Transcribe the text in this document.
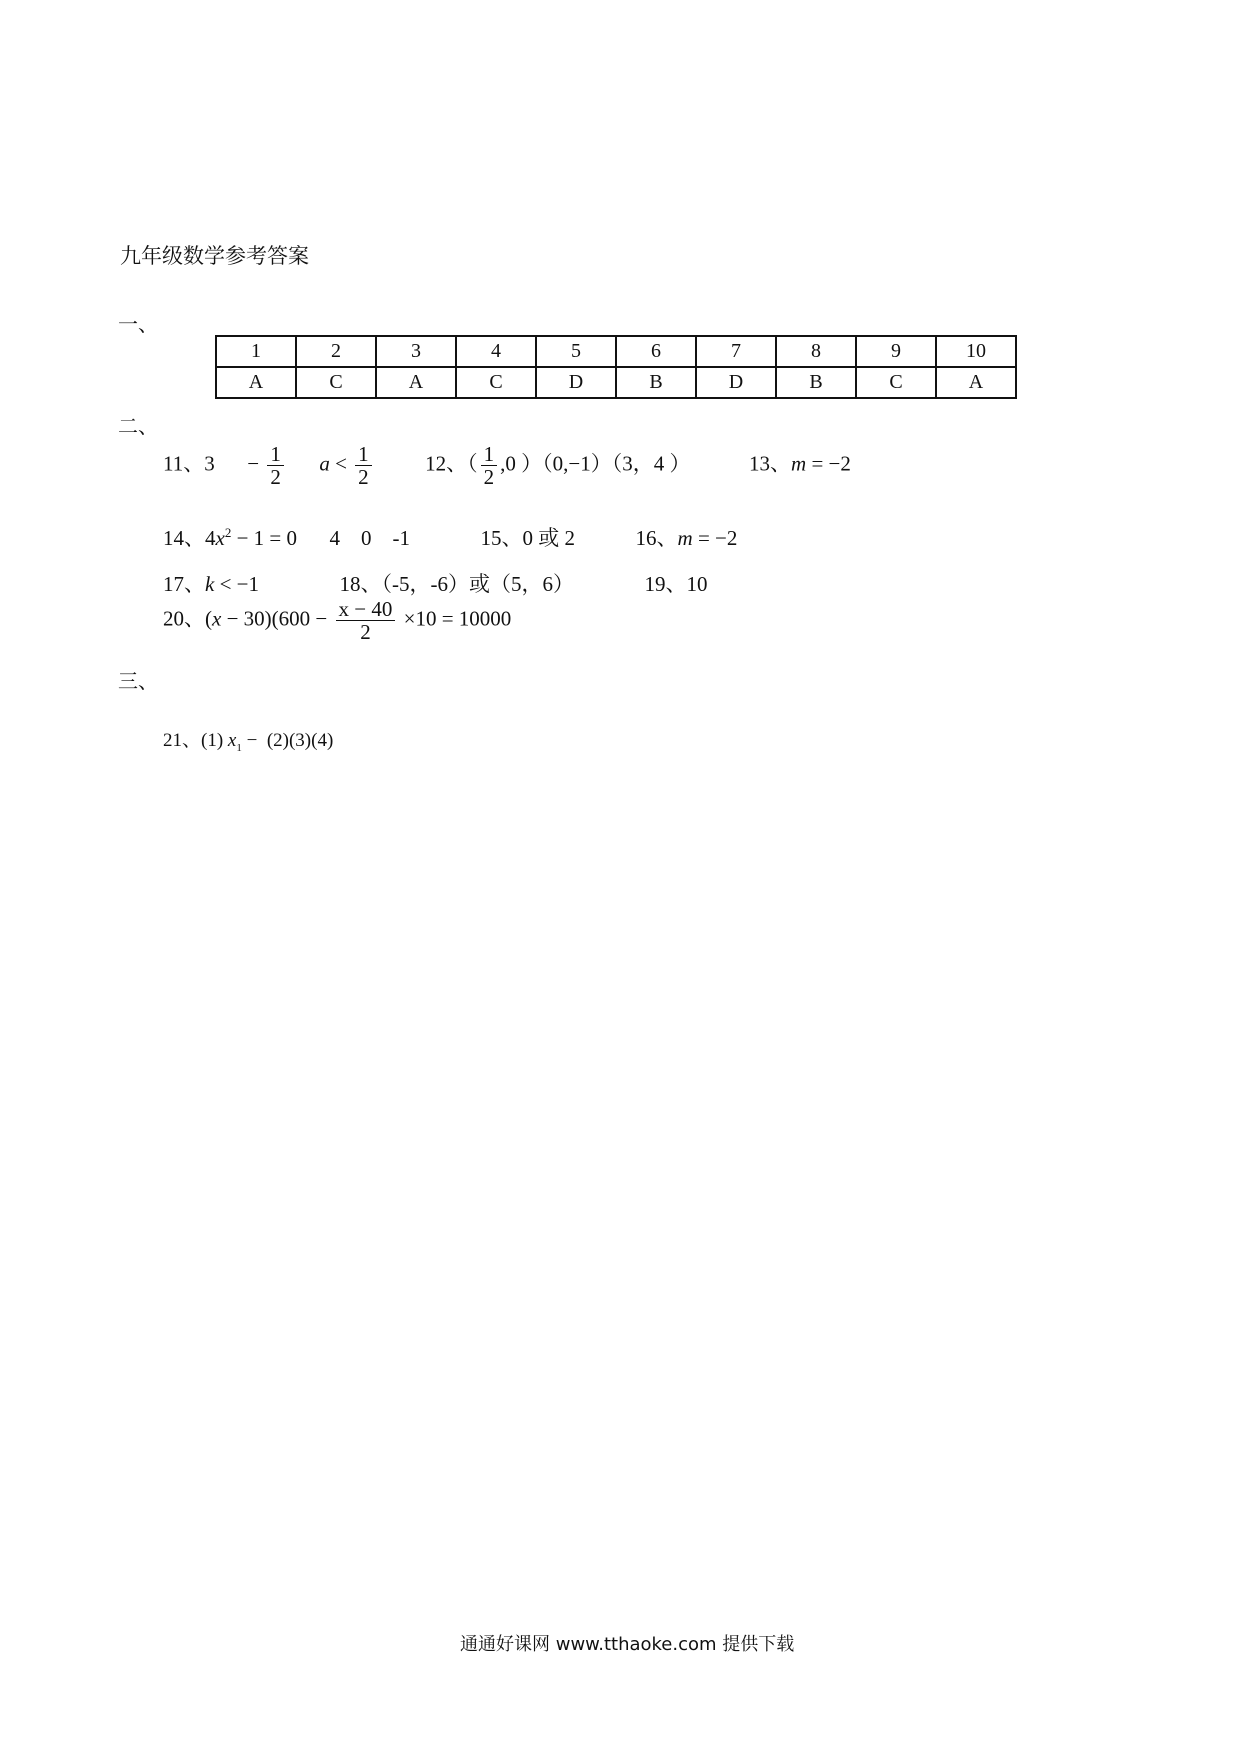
九年级数学参考答案
一、
1	2	3	4	5	6	7	8	9	10
A	C	A	C	D	B	D	B	C	A
二、
11、$3 - \frac{1}{2}$ $a < \frac{1}{2}$	12、（ $\frac{1}{2} ,0$ ）（0,−1）（3，4 ）	13、m = −2
14、$4x^2 - 1 = 0$ 4    0    -1	15、0 或 2	16、m = −2
17、k < −1	18、（-5，-6）或（5，6）	19、10
20、$(x - 30)(600 - \frac{x - 40}{2} \times 10 = 10000$
三、
21、(1) $x_1 - (2)(3)(4)$
通通好课网 www.tthaoke.com 提供下载
